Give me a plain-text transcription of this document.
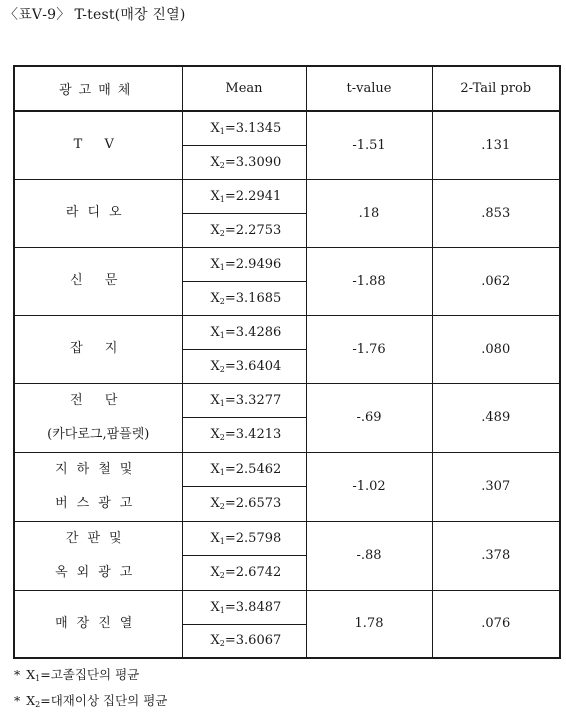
〈표Ⅴ-9〉 T-test(매장 진열)
광고매체	Mean	t-value	2-Tail prob

T V	$X_1=3.1345$	-1.51	.131
	$X_2=3.3090$		

라디오	$X_1=2.2941$	.18	.853
	$X_2=2.2753$		

신 문	$X_1=2.9496$	-1.88	.062
	$X_2=3.1685$		

잡 지	$X_1=3.4286$	-1.76	.080
	$X_2=3.6404$		

전 단
(카다로그,팜플렛)	$X_1=3.3277$	-.69	.489
	$X_2=3.4213$		

지하철및
버스광고	$X_1=2.5462$	-1.02	.307
	$X_2=2.6573$		

간판및
옥외광고	$X_1=2.5798$	-.88	.378
	$X_2=2.6742$		

매장진열	$X_1=3.8487$	1.78	.076
	$X_2=3.6067$		
* $X_1=$고졸집단의 평균
* $X_2=$대재이상 집단의 평균
